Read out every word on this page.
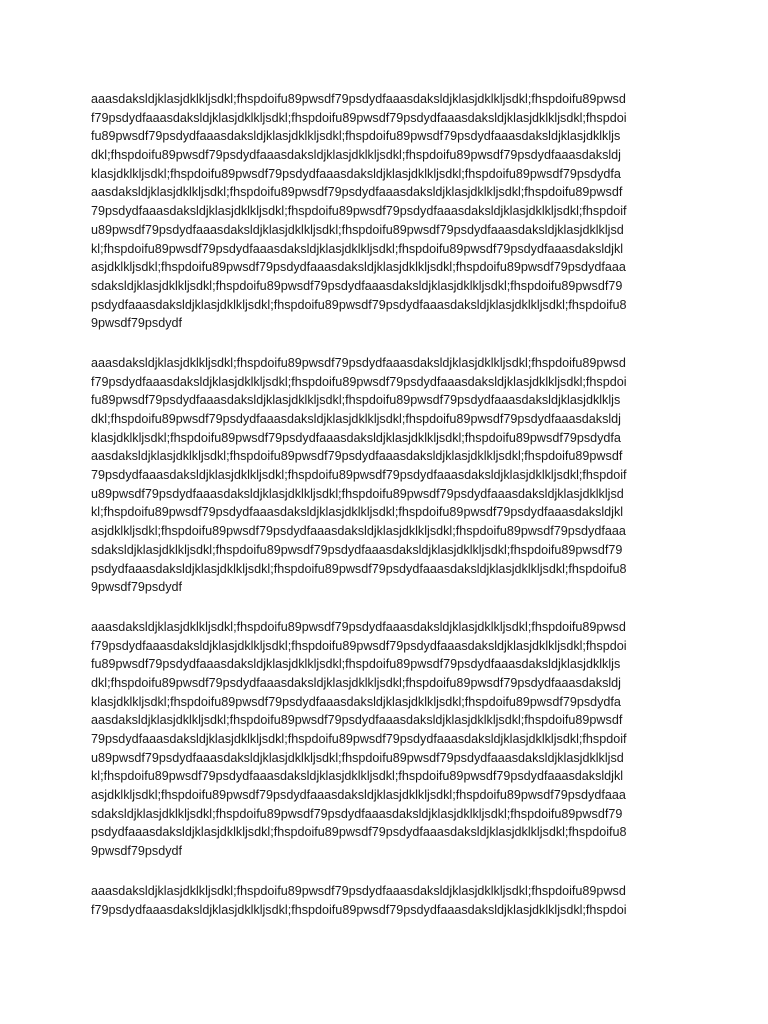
aaasdaksldjklasjdklkljsdkl;fhspdoifu89pwsdf79psdydfaaasdaksldjklasjdklkljsdkl;fhspdoifu89pwsd
f79psdydfaaasdaksldjklasjdklkljsdkl;fhspdoifu89pwsdf79psdydfaaasdaksldjklasjdklkljsdkl;fhspdoi
fu89pwsdf79psdydfaaasdaksldjklasjdklkljsdkl;fhspdoifu89pwsdf79psdydfaaasdaksldjklasjdklkljs
dkl;fhspdoifu89pwsdf79psdydfaaasdaksldjklasjdklkljsdkl;fhspdoifu89pwsdf79psdydfaaasdaksldj
klasjdklkljsdkl;fhspdoifu89pwsdf79psdydfaaasdaksldjklasjdklkljsdkl;fhspdoifu89pwsdf79psdydfa
aasdaksldjklasjdklkljsdkl;fhspdoifu89pwsdf79psdydfaaasdaksldjklasjdklkljsdkl;fhspdoifu89pwsdf
79psdydfaaasdaksldjklasjdklkljsdkl;fhspdoifu89pwsdf79psdydfaaasdaksldjklasjdklkljsdkl;fhspdoif
u89pwsdf79psdydfaaasdaksldjklasjdklkljsdkl;fhspdoifu89pwsdf79psdydfaaasdaksldjklasjdklkljsd
kl;fhspdoifu89pwsdf79psdydfaaasdaksldjklasjdklkljsdkl;fhspdoifu89pwsdf79psdydfaaasdaksldjkl
asjdklkljsdkl;fhspdoifu89pwsdf79psdydfaaasdaksldjklasjdklkljsdkl;fhspdoifu89pwsdf79psdydfaaa
sdaksldjklasjdklkljsdkl;fhspdoifu89pwsdf79psdydfaaasdaksldjklasjdklkljsdkl;fhspdoifu89pwsdf79
psdydfaaasdaksldjklasjdklkljsdkl;fhspdoifu89pwsdf79psdydfaaasdaksldjklasjdklkljsdkl;fhspdoifu8
9pwsdf79psdydf
aaasdaksldjklasjdklkljsdkl;fhspdoifu89pwsdf79psdydfaaasdaksldjklasjdklkljsdkl;fhspdoifu89pwsd
f79psdydfaaasdaksldjklasjdklkljsdkl;fhspdoifu89pwsdf79psdydfaaasdaksldjklasjdklkljsdkl;fhspdoi
fu89pwsdf79psdydfaaasdaksldjklasjdklkljsdkl;fhspdoifu89pwsdf79psdydfaaasdaksldjklasjdklkljs
dkl;fhspdoifu89pwsdf79psdydfaaasdaksldjklasjdklkljsdkl;fhspdoifu89pwsdf79psdydfaaasdaksldj
klasjdklkljsdkl;fhspdoifu89pwsdf79psdydfaaasdaksldjklasjdklkljsdkl;fhspdoifu89pwsdf79psdydfa
aasdaksldjklasjdklkljsdkl;fhspdoifu89pwsdf79psdydfaaasdaksldjklasjdklkljsdkl;fhspdoifu89pwsdf
79psdydfaaasdaksldjklasjdklkljsdkl;fhspdoifu89pwsdf79psdydfaaasdaksldjklasjdklkljsdkl;fhspdoif
u89pwsdf79psdydfaaasdaksldjklasjdklkljsdkl;fhspdoifu89pwsdf79psdydfaaasdaksldjklasjdklkljsd
kl;fhspdoifu89pwsdf79psdydfaaasdaksldjklasjdklkljsdkl;fhspdoifu89pwsdf79psdydfaaasdaksldjkl
asjdklkljsdkl;fhspdoifu89pwsdf79psdydfaaasdaksldjklasjdklkljsdkl;fhspdoifu89pwsdf79psdydfaaa
sdaksldjklasjdklkljsdkl;fhspdoifu89pwsdf79psdydfaaasdaksldjklasjdklkljsdkl;fhspdoifu89pwsdf79
psdydfaaasdaksldjklasjdklkljsdkl;fhspdoifu89pwsdf79psdydfaaasdaksldjklasjdklkljsdkl;fhspdoifu8
9pwsdf79psdydf
aaasdaksldjklasjdklkljsdkl;fhspdoifu89pwsdf79psdydfaaasdaksldjklasjdklkljsdkl;fhspdoifu89pwsd
f79psdydfaaasdaksldjklasjdklkljsdkl;fhspdoifu89pwsdf79psdydfaaasdaksldjklasjdklkljsdkl;fhspdoi
fu89pwsdf79psdydfaaasdaksldjklasjdklkljsdkl;fhspdoifu89pwsdf79psdydfaaasdaksldjklasjdklkljs
dkl;fhspdoifu89pwsdf79psdydfaaasdaksldjklasjdklkljsdkl;fhspdoifu89pwsdf79psdydfaaasdaksldj
klasjdklkljsdkl;fhspdoifu89pwsdf79psdydfaaasdaksldjklasjdklkljsdkl;fhspdoifu89pwsdf79psdydfa
aasdaksldjklasjdklkljsdkl;fhspdoifu89pwsdf79psdydfaaasdaksldjklasjdklkljsdkl;fhspdoifu89pwsdf
79psdydfaaasdaksldjklasjdklkljsdkl;fhspdoifu89pwsdf79psdydfaaasdaksldjklasjdklkljsdkl;fhspdoif
u89pwsdf79psdydfaaasdaksldjklasjdklkljsdkl;fhspdoifu89pwsdf79psdydfaaasdaksldjklasjdklkljsd
kl;fhspdoifu89pwsdf79psdydfaaasdaksldjklasjdklkljsdkl;fhspdoifu89pwsdf79psdydfaaasdaksldjkl
asjdklkljsdkl;fhspdoifu89pwsdf79psdydfaaasdaksldjklasjdklkljsdkl;fhspdoifu89pwsdf79psdydfaaa
sdaksldjklasjdklkljsdkl;fhspdoifu89pwsdf79psdydfaaasdaksldjklasjdklkljsdkl;fhspdoifu89pwsdf79
psdydfaaasdaksldjklasjdklkljsdkl;fhspdoifu89pwsdf79psdydfaaasdaksldjklasjdklkljsdkl;fhspdoifu8
9pwsdf79psdydf
aaasdaksldjklasjdklkljsdkl;fhspdoifu89pwsdf79psdydfaaasdaksldjklasjdklkljsdkl;fhspdoifu89pwsd
f79psdydfaaasdaksldjklasjdklkljsdkl;fhspdoifu89pwsdf79psdydfaaasdaksldjklasjdklkljsdkl;fhspdoi
